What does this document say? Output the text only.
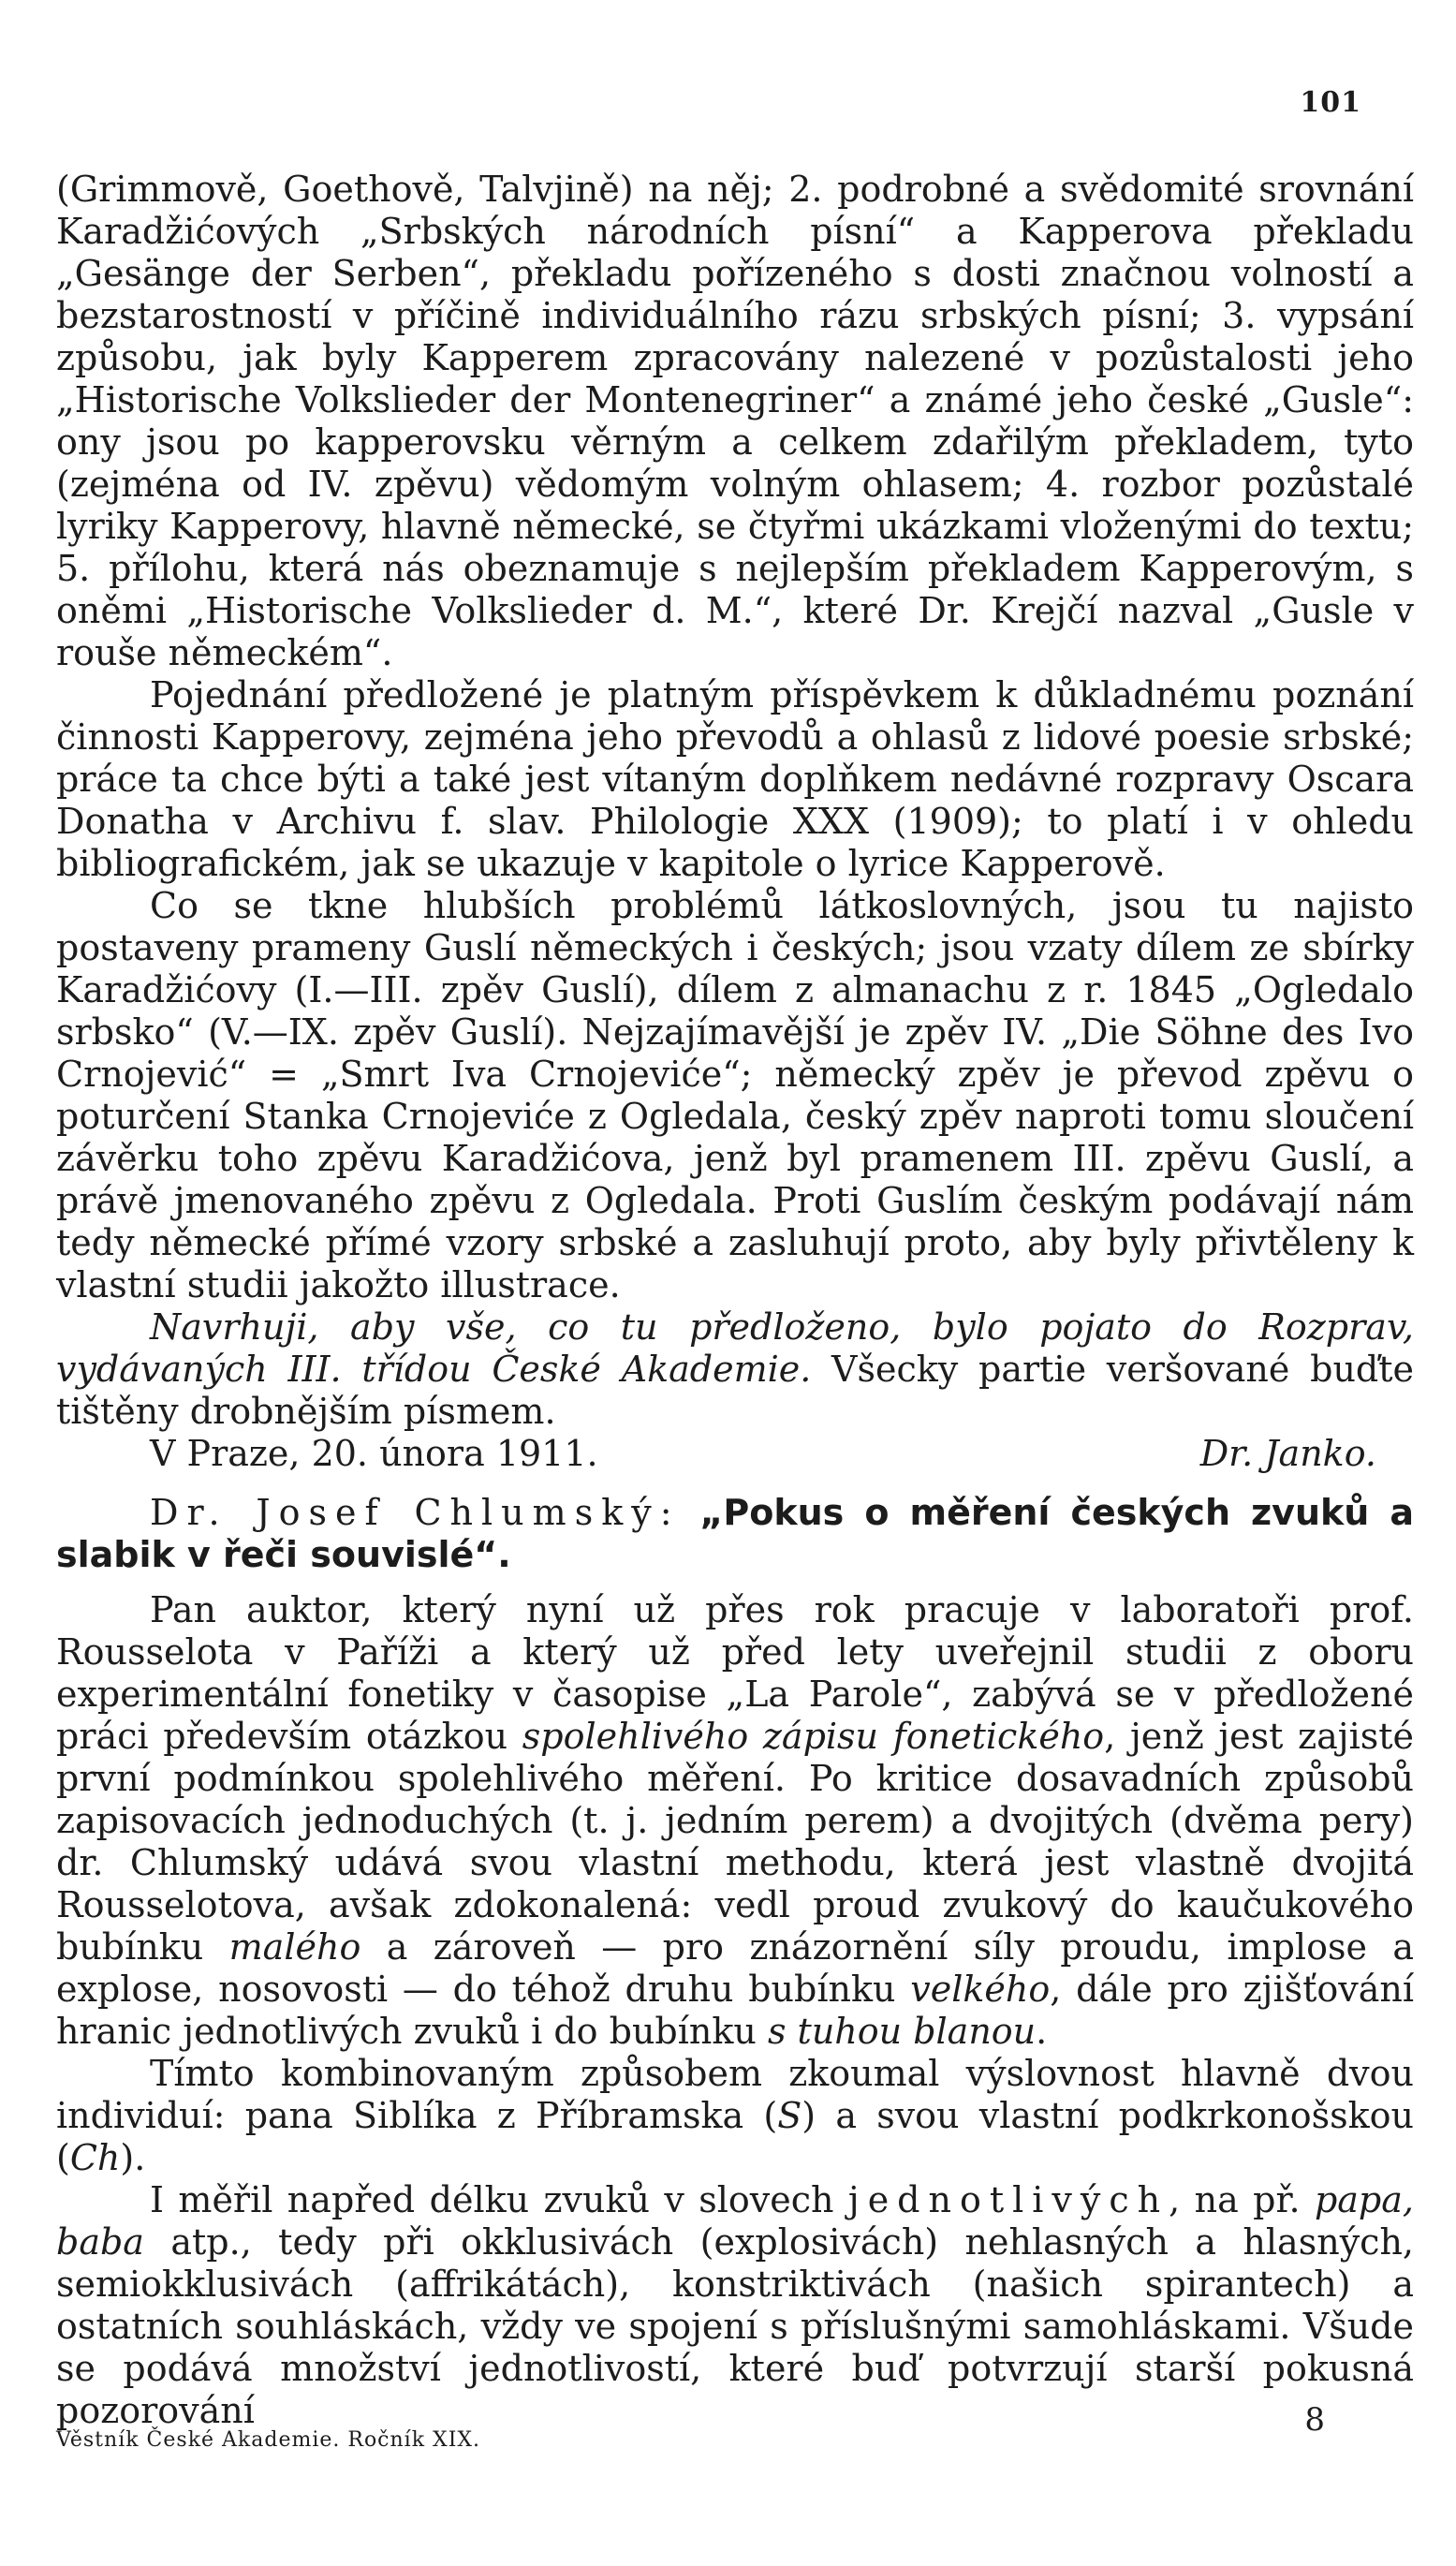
101

(Grimmově, Goethově, Talvjině) na něj; 2. podrobné a svědomité srovnání Karadžićových „Srbských národních písní“ a Kapperova překladu „Gesänge der Serben“, překladu pořízeného s dosti značnou volností a bezstarostností v příčině individuálního rázu srbských písní; 3. vypsání způsobu, jak byly Kapperem zpracovány nalezené v pozůstalosti jeho „Historische Volkslieder der Montenegriner“ a známé jeho české „Gusle“: ony jsou po kapperovsku věrným a celkem zdařilým překladem, tyto (zejména od IV. zpěvu) vědomým volným ohlasem; 4. rozbor pozůstalé lyriky Kapperovy, hlavně německé, se čtyřmi ukázkami vloženými do textu; 5. přílohu, která nás obeznamuje s nejlepším překladem Kapperovým, s oněmi „Historische Volkslieder d. M.“, které Dr. Krejčí nazval „Gusle v rouše německém“.

Pojednání předložené je platným příspěvkem k důkladnému poznání činnosti Kapperovy, zejména jeho převodů a ohlasů z lidové poesie srbské; práce ta chce býti a také jest vítaným doplňkem nedávné rozpravy Oscara Donatha v Archivu f. slav. Philologie XXX (1909); to platí i v ohledu bibliografickém, jak se ukazuje v kapitole o lyrice Kapperově.

Co se tkne hlubších problémů látkoslovných, jsou tu najisto postaveny prameny Guslí německých i českých; jsou vzaty dílem ze sbírky Karadžićovy (I.—III. zpěv Guslí), dílem z almanachu z r. 1845 „Ogledalo srbsko“ (V.—IX. zpěv Guslí). Nejzajímavější je zpěv IV. „Die Söhne des Ivo Crnojević“ = „Smrt Iva Crnojeviće“; německý zpěv je převod zpěvu o poturčení Stanka Crnojeviće z Ogledala, český zpěv naproti tomu sloučení závěrku toho zpěvu Karadžićova, jenž byl pramenem III. zpěvu Guslí, a právě jmenovaného zpěvu z Ogledala. Proti Guslím českým podávají nám tedy německé přímé vzory srbské a zasluhují proto, aby byly přivtěleny k vlastní studii jakožto illustrace.

Navrhuji, aby vše, co tu předloženo, bylo pojato do Rozprav, vydávaných III. třídou České Akademie. Všecky partie veršované buďte tištěny drobnějším písmem.

V Praze, 20. února 1911.	Dr. Janko.

Dr. Josef Chlumský: „Pokus o měření českých zvuků a slabik v řeči souvislé“.

Pan auktor, který nyní už přes rok pracuje v laboratoři prof. Rousselota v Paříži a který už před lety uveřejnil studii z oboru experimentální fonetiky v časopise „La Parole“, zabývá se v předložené práci především otázkou spolehlivého zápisu fonetického, jenž jest zajisté první podmínkou spolehlivého měření. Po kritice dosavadních způsobů zapisovacích jednoduchých (t. j. jedním perem) a dvojitých (dvěma pery) dr. Chlumský udává svou vlastní methodu, která jest vlastně dvojitá Rousselotova, avšak zdokonalená: vedl proud zvukový do kaučukového bubínku malého a zároveň — pro znázornění síly proudu, implose a explose, nosovosti — do téhož druhu bubínku velkého, dále pro zjišťování hranic jednotlivých zvuků i do bubínku s tuhou blanou.

Tímto kombinovaným způsobem zkoumal výslovnost hlavně dvou individuí: pana Siblíka z Příbramska (S) a svou vlastní podkrkonošskou (Ch).

I měřil napřed délku zvuků v slovech jednotlivých, na př. papa, baba atp., tedy při okklusivách (explosivách) nehlasných a hlasných, semiokklusivách (affrikátách), konstriktivách (našich spirantech) a ostatních souhláskách, vždy ve spojení s příslušnými samohláskami. Všude se podává množství jednotlivostí, které buď potvrzují starší pokusná pozorování	8
Věstník České Akademie. Ročník XIX.
